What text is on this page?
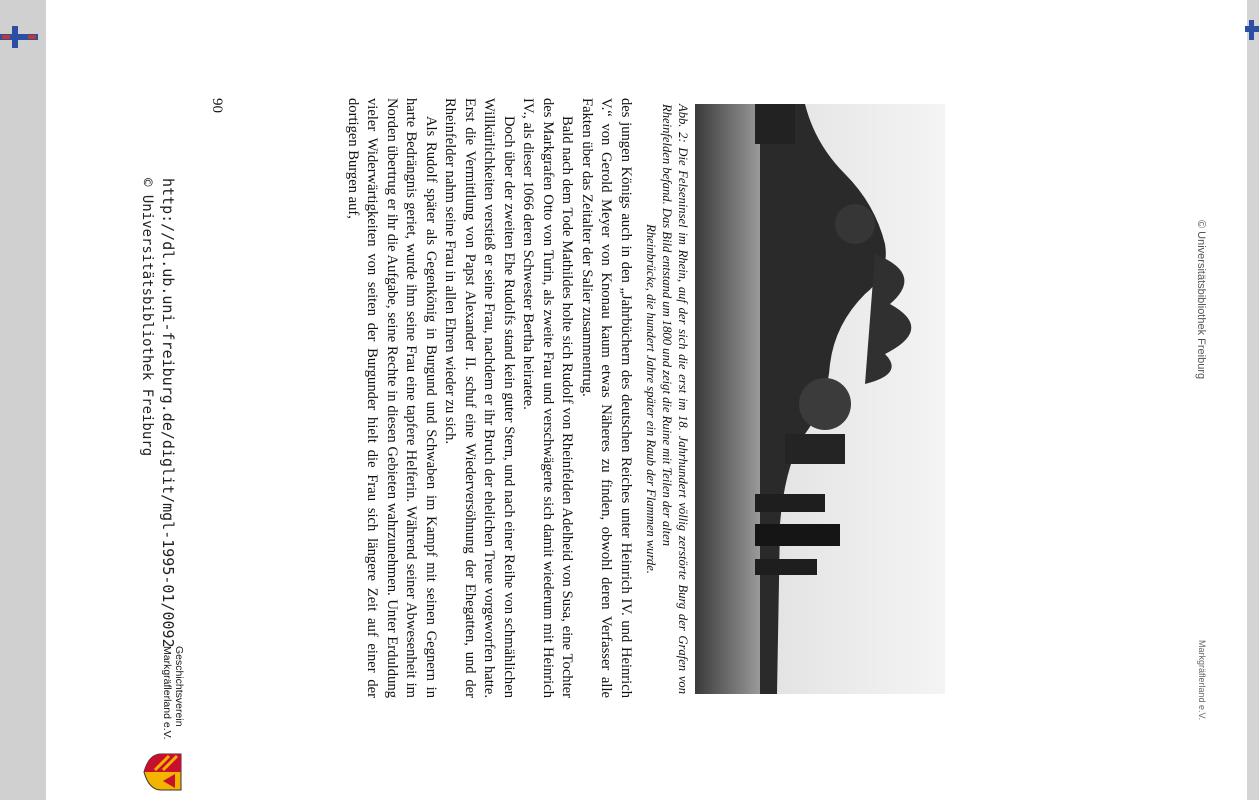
© Universitätsbibliothek Freiburg
Markgräflerland e.V.
Abb. 2: Die Felseninsel im Rhein, auf der sich die erst im 18. Jahrhundert völlig zerstörte Burg der Grafen von Rheinfelden befand. Das Bild entstand um 1800 und zeigt die Ruine mit Teilen der alten
Rheinbrücke, die hundert Jahre später ein Raub der Flammen wurde.

des jungen Königs auch in den „Jahrbüchern des deutschen Reiches unter Heinrich IV. und Heinrich V.“ von Gerold Meyer von Knonau kaum etwas Näheres zu finden, obwohl deren Verfasser alle Fakten über das Zeitalter der Salier zusammentrug.

Bald nach dem Tode Mathildes holte sich Rudolf von Rheinfelden Adelheid von Susa, eine Tochter des Markgrafen Otto von Turin, als zweite Frau und verschwägerte sich damit wiederum mit Heinrich IV., als dieser 1066 deren Schwester Bertha heiratete.

Doch über der zweiten Ehe Rudolfs stand kein guter Stern, und nach einer Reihe von schmählichen Willkürlichkeiten verstieß er seine Frau, nachdem er ihr Bruch der ehelichen Treue vorgeworfen hatte. Erst die Vermittlung von Papst Alexander II. schuf eine Wiederversöhnung der Ehegatten, und der Rheinfelder nahm seine Frau in allen Ehren wieder zu sich.

Als Rudolf später als Gegenkönig in Burgund und Schwaben im Kampf mit seinen Gegnern in harte Bedrängnis geriet, wurde ihm seine Frau eine tapfere Helferin. Während seiner Abwesenheit im Norden übertrug er ihr die Aufgabe, seine Rechte in diesen Gebieten wahrzunehmen. Unter Erduldung vieler Widerwärtigkeiten von seiten der Burgunder hielt die Frau sich längere Zeit auf einer der dortigen Burgen auf,

90
http://dl.ub.uni-freiburg.de/diglit/mgl-1995-01/0092
© Universitätsbibliothek Freiburg
Geschichtsverein
Markgräflerland e.V.
